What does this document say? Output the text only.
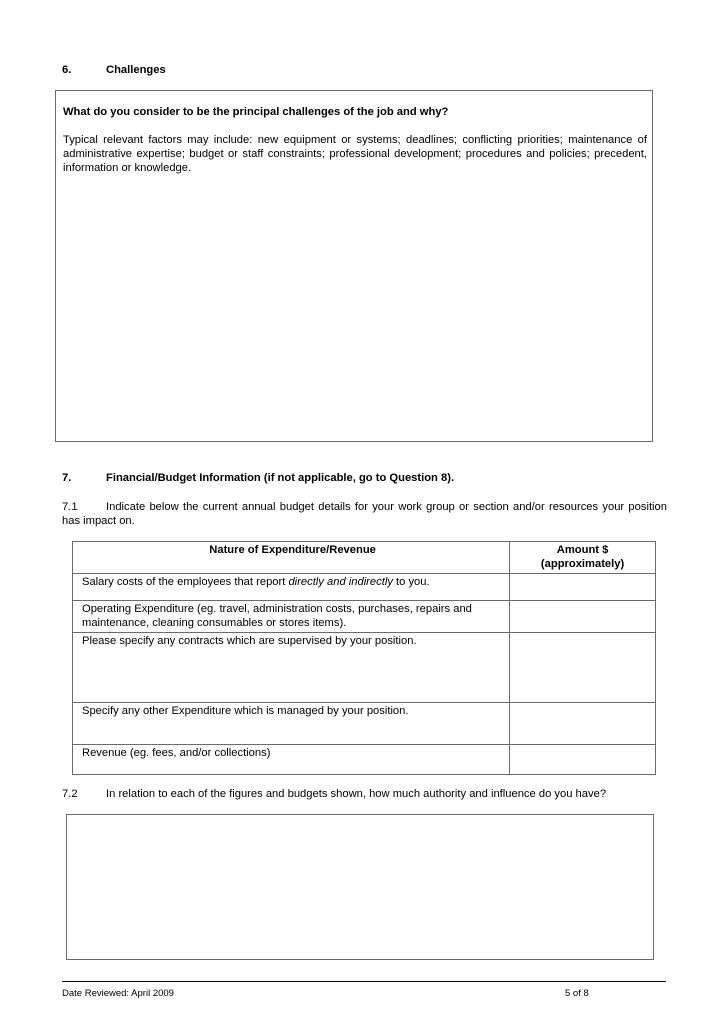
6.	Challenges
What do you consider to be the principal challenges of the job and why?
Typical relevant factors may include: new equipment or systems; deadlines; conflicting priorities; maintenance of administrative expertise; budget or staff constraints; professional development; procedures and policies; precedent, information or knowledge.
7.	Financial/Budget Information (if not applicable, go to Question 8).
7.1	Indicate below the current annual budget details for your work group or section and/or resources your position has impact on.
Nature of Expenditure/Revenue	Amount $
(approximately)
Salary costs of the employees that report directly and indirectly to you.	
Operating Expenditure (eg. travel, administration costs, purchases, repairs and maintenance, cleaning consumables or stores items).	
Please specify any contracts which are supervised by your position.	
Specify any other Expenditure which is managed by your position.	
Revenue (eg. fees, and/or collections)	
7.2	In relation to each of the figures and budgets shown, how much authority and influence do you have?
Date Reviewed: April 2009	5 of 8
